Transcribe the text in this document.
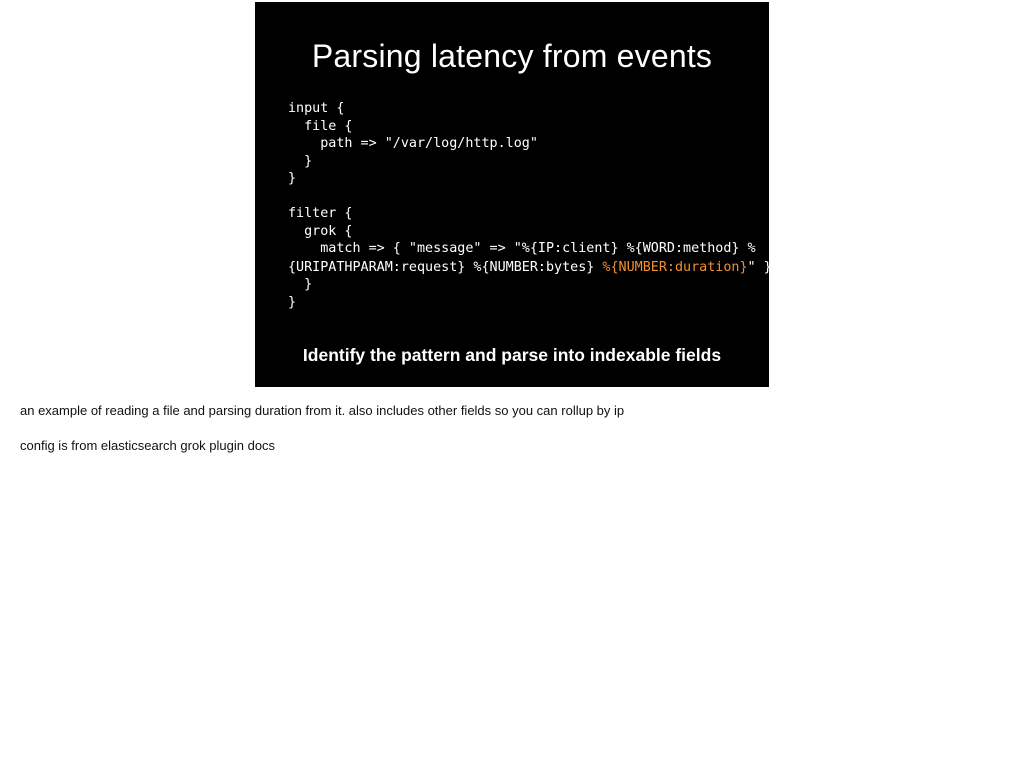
Parsing latency from events
input {
file {
path => "/var/log/http.log"
}
}
filter {
grok {
match => { "message" => "%{IP:client} %{WORD:method} %
{URIPATHPARAM:request} %{NUMBER:bytes} %{NUMBER:duration}" }
}
}
Identify the pattern and parse into indexable fields

an example of reading a file and parsing duration from it. also includes other fields so you can rollup by ip

config is from elasticsearch grok plugin docs
